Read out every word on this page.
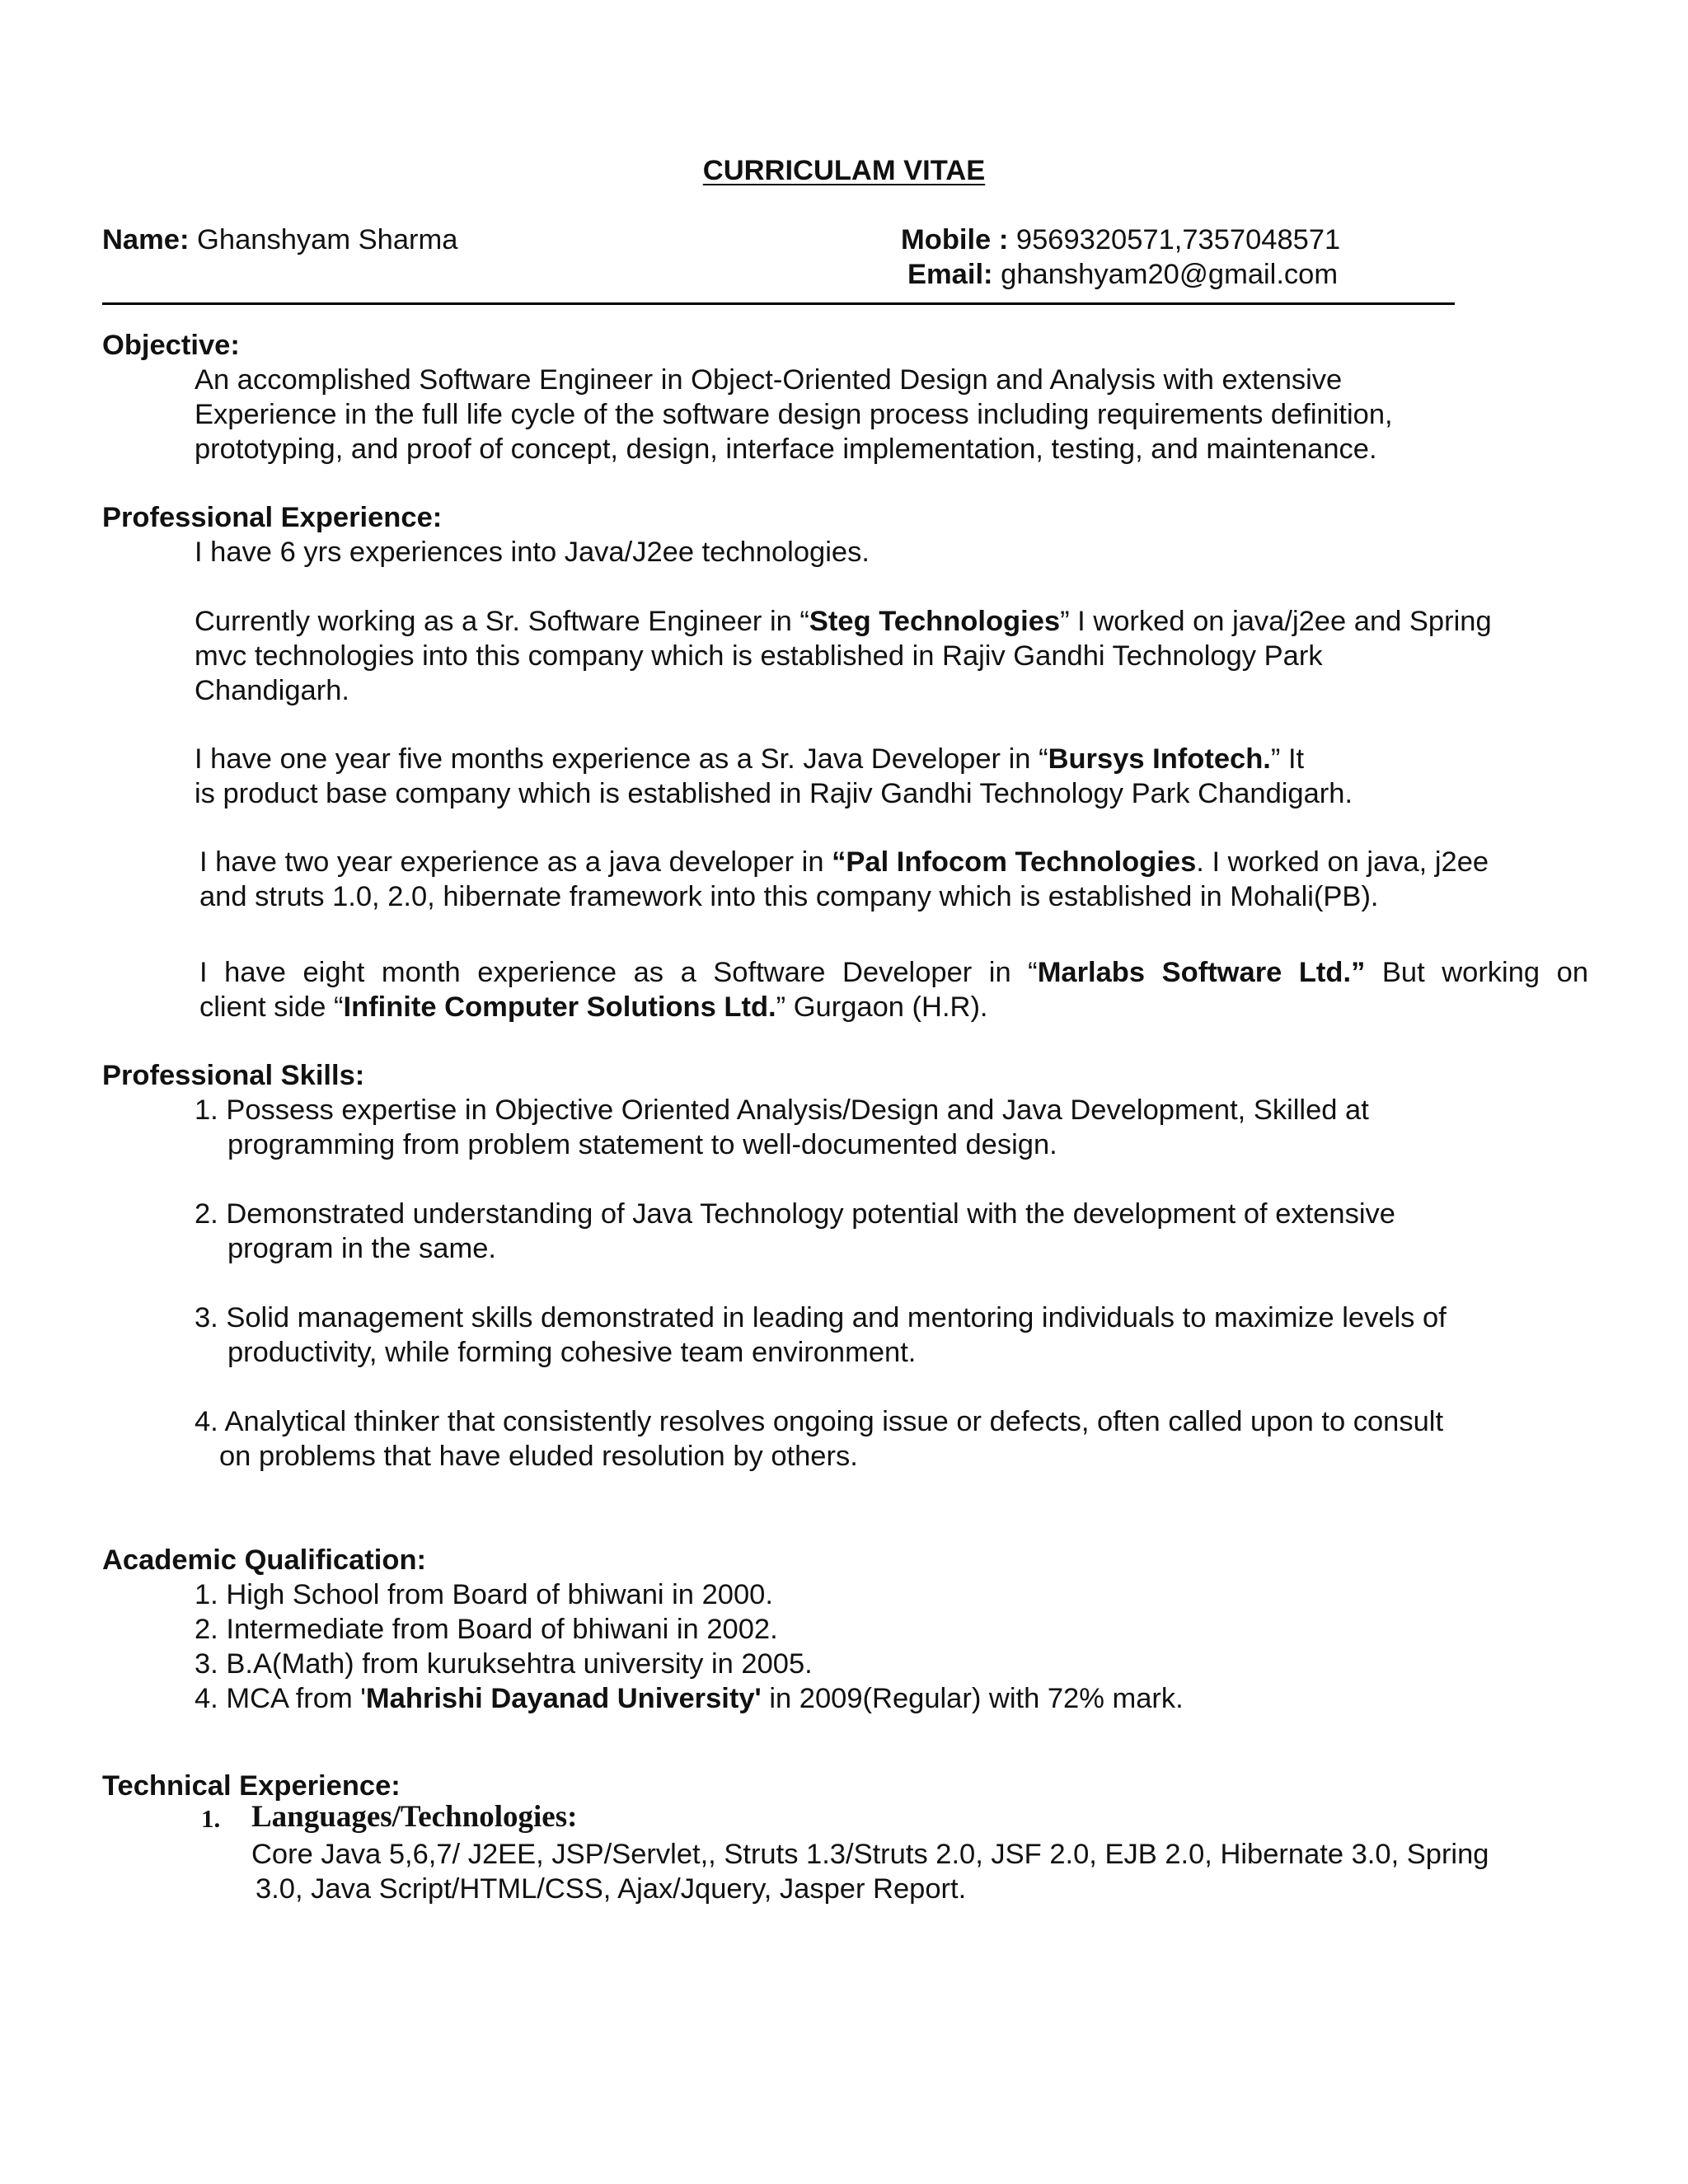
CURRICULAM VITAE
Name: Ghanshyam Sharma	Mobile : 9569320571,7357048571
Email: ghanshyam20@gmail.com
Objective:
An accomplished Software Engineer in Object-Oriented Design and Analysis with extensive
Experience in the full life cycle of the software design process including requirements definition,
prototyping, and proof of concept, design, interface implementation, testing, and maintenance.
Professional Experience:
I have 6 yrs experiences into Java/J2ee technologies.
Currently working as a Sr. Software Engineer in “Steg Technologies” I worked on java/j2ee and Spring
mvc technologies into this company which is established in Rajiv Gandhi Technology Park
Chandigarh.
I have one year five months experience as a Sr. Java Developer in “Bursys Infotech.” It
is product base company which is established in Rajiv Gandhi Technology Park Chandigarh.
I have two year experience as a java developer in “Pal Infocom Technologies. I worked on java, j2ee
and struts 1.0, 2.0, hibernate framework into this company which is established in Mohali(PB).
I have eight month experience as a Software Developer in “Marlabs Software Ltd.” But working on
client side “Infinite Computer Solutions Ltd.” Gurgaon (H.R).
Professional Skills:
1. Possess expertise in Objective Oriented Analysis/Design and Java Development, Skilled at
programming from problem statement to well-documented design.
2. Demonstrated understanding of Java Technology potential with the development of extensive
program in the same.
3. Solid management skills demonstrated in leading and mentoring individuals to maximize levels of
productivity, while forming cohesive team environment.
4. Analytical thinker that consistently resolves ongoing issue or defects, often called upon to consult
on problems that have eluded resolution by others.
Academic Qualification:
1. High School from Board of bhiwani in 2000.
2. Intermediate from Board of bhiwani in 2002.
3. B.A(Math) from kuruksehtra university in 2005.
4. MCA from 'Mahrishi Dayanad University' in 2009(Regular) with 72% mark.
Technical Experience:
1. Languages/Technologies:
Core Java 5,6,7/ J2EE, JSP/Servlet,, Struts 1.3/Struts 2.0, JSF 2.0, EJB 2.0, Hibernate 3.0, Spring
3.0, Java Script/HTML/CSS, Ajax/Jquery, Jasper Report.
